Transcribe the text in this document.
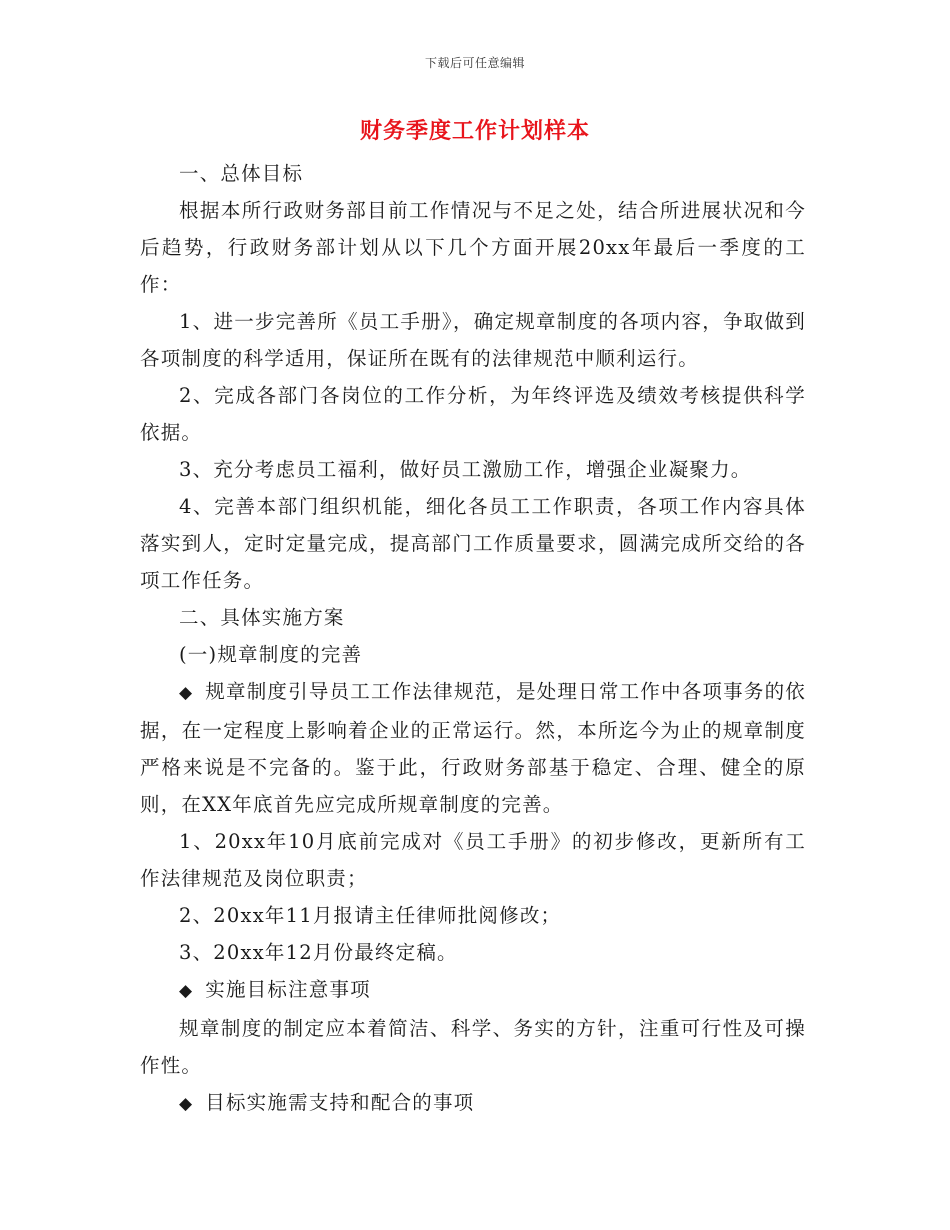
下载后可任意编辑
财务季度工作计划样本

一、总体目标

根据本所行政财务部目前工作情况与不足之处，结合所进展状况和今后趋势，行政财务部计划从以下几个方面开展20xx年最后一季度的工作：

1、进一步完善所《员工手册》，确定规章制度的各项内容，争取做到各项制度的科学适用，保证所在既有的法律规范中顺利运行。

2、完成各部门各岗位的工作分析，为年终评选及绩效考核提供科学依据。

3、充分考虑员工福利，做好员工激励工作，增强企业凝聚力。

4、完善本部门组织机能，细化各员工工作职责，各项工作内容具体落实到人，定时定量完成，提高部门工作质量要求，圆满完成所交给的各项工作任务。

二、具体实施方案

(一)规章制度的完善

◆ 规章制度引导员工工作法律规范，是处理日常工作中各项事务的依据，在一定程度上影响着企业的正常运行。然，本所迄今为止的规章制度严格来说是不完备的。鉴于此，行政财务部基于稳定、合理、健全的原则，在XX年底首先应完成所规章制度的完善。

1、20xx年10月底前完成对《员工手册》的初步修改，更新所有工作法律规范及岗位职责；

2、20xx年11月报请主任律师批阅修改；

3、20xx年12月份最终定稿。

◆ 实施目标注意事项

规章制度的制定应本着简洁、科学、务实的方针，注重可行性及可操作性。

◆ 目标实施需支持和配合的事项
